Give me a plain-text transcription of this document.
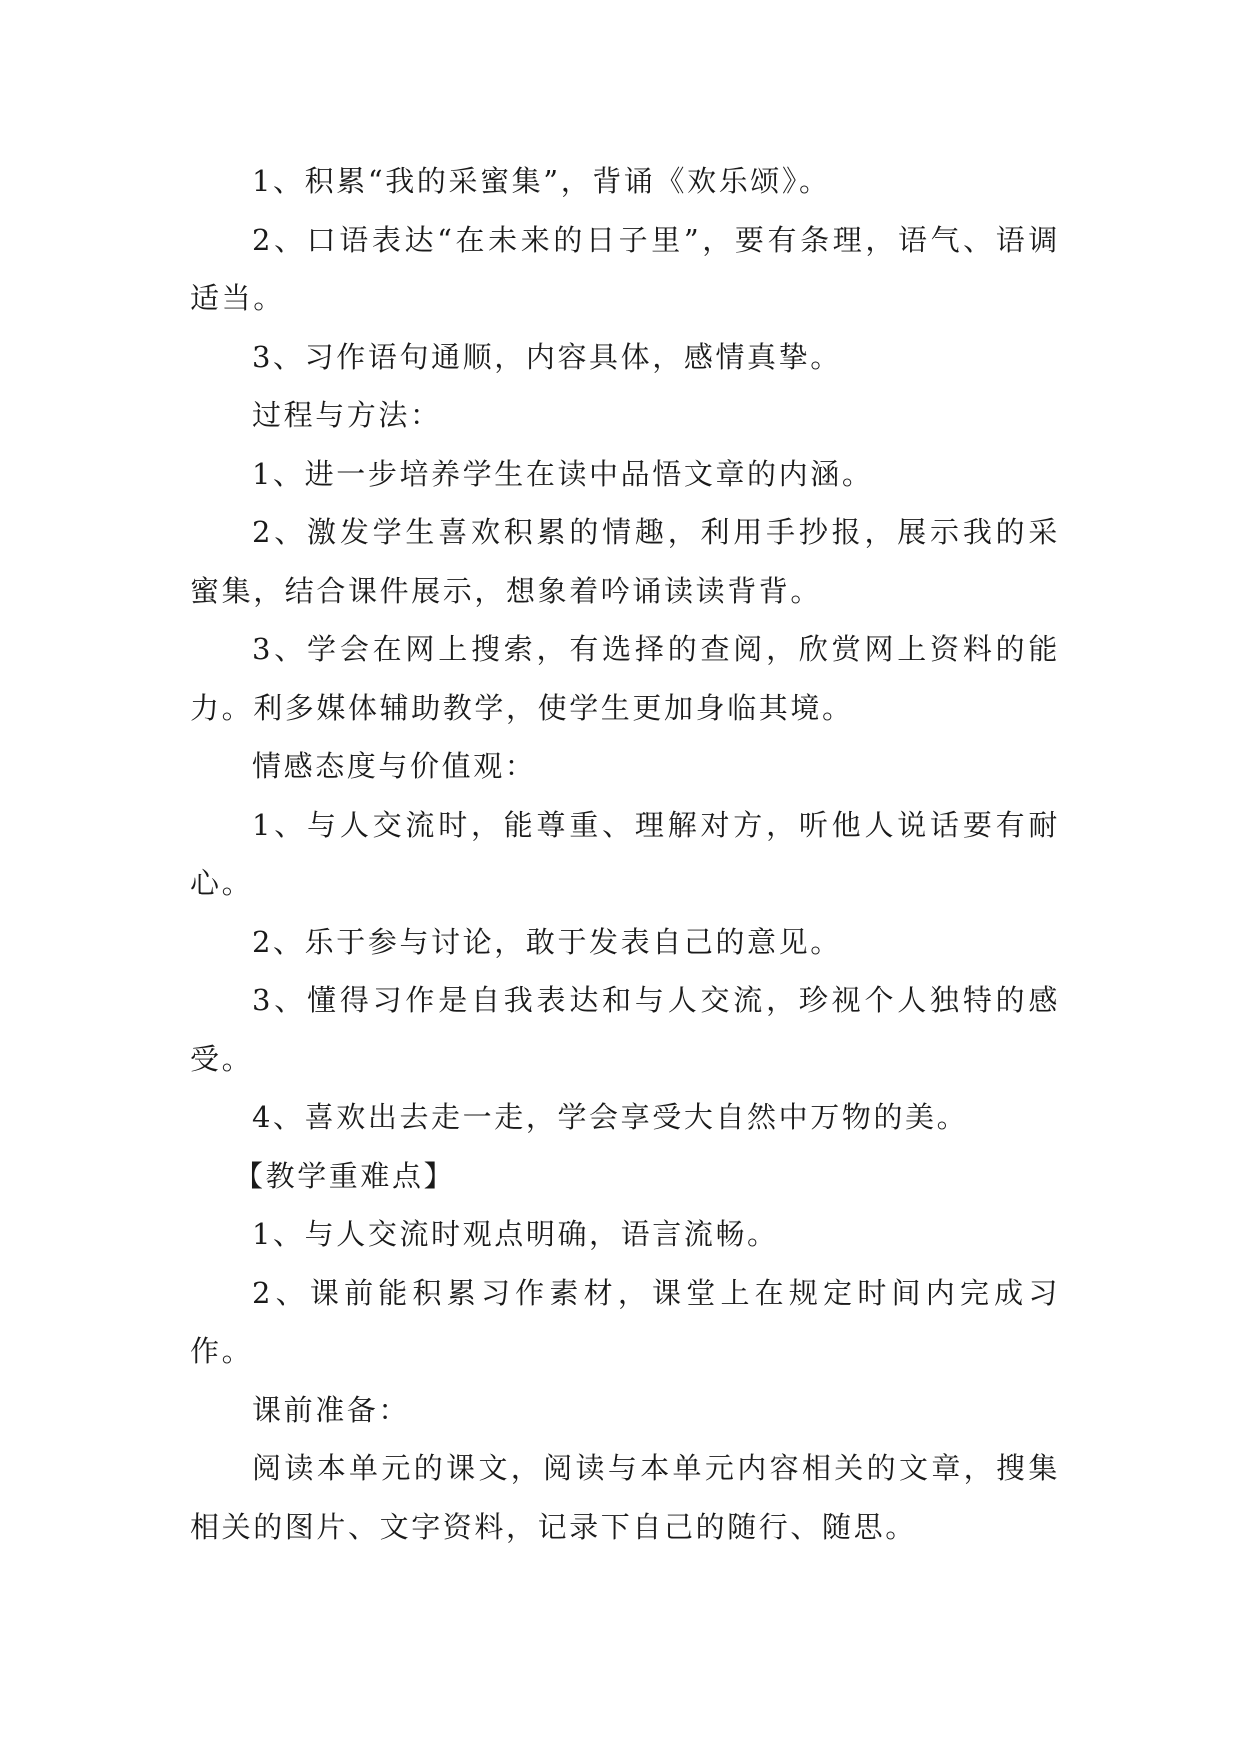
1、积累“我的采蜜集”，背诵《欢乐颂》。

2、口语表达“在未来的日子里”，要有条理，语气、语调适当。

3、习作语句通顺，内容具体，感情真挚。

过程与方法：

1、进一步培养学生在读中品悟文章的内涵。

2、激发学生喜欢积累的情趣，利用手抄报，展示我的采蜜集，结合课件展示，想象着吟诵读读背背。

3、学会在网上搜索，有选择的查阅，欣赏网上资料的能力。利多媒体辅助教学，使学生更加身临其境。

情感态度与价值观：

1、与人交流时，能尊重、理解对方，听他人说话要有耐心。

2、乐于参与讨论，敢于发表自己的意见。

3、懂得习作是自我表达和与人交流，珍视个人独特的感受。

4、喜欢出去走一走，学会享受大自然中万物的美。

【教学重难点】

1、与人交流时观点明确，语言流畅。

2、课前能积累习作素材，课堂上在规定时间内完成习作。

课前准备：

阅读本单元的课文，阅读与本单元内容相关的文章，搜集相关的图片、文字资料，记录下自己的随行、随思。
